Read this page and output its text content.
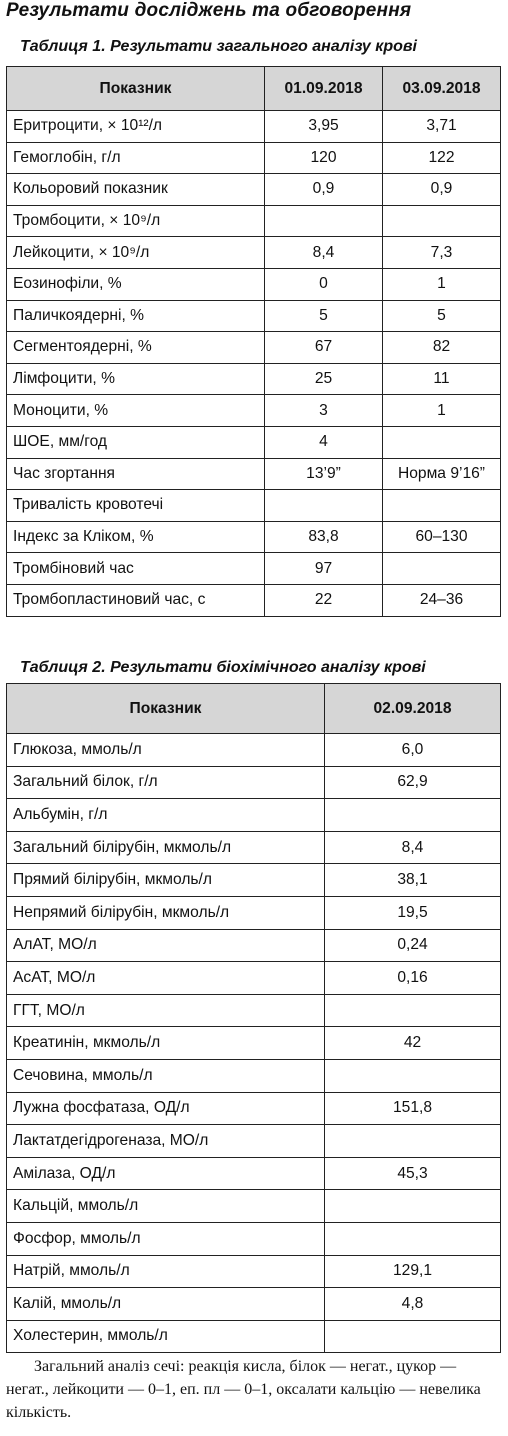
Результати досліджень та обговорення
Таблиця 1. Результати загального аналізу крові
Показник	01.09.2018	03.09.2018
Еритроцити, × 10¹²/л	3,95	3,71
Гемоглобін, г/л	120	122
Кольоровий показник	0,9	0,9
Тромбоцити, × 10⁹/л		
Лейкоцити, × 10⁹/л	8,4	7,3
Еозинофіли, %	0	1
Паличкоядерні, %	5	5
Сегментоядерні, %	67	82
Лімфоцити, %	25	11
Моноцити, %	3	1
ШОЕ, мм/год	4	
Час згортання	13’9”	Норма 9’16”
Тривалість кровотечі		
Індекс за Кліком, %	83,8	60–130
Тромбіновий час	97	
Тромбопластиновий час, с	22	24–36
Таблиця 2. Результати біохімічного аналізу крові
Показник	02.09.2018
Глюкоза, ммоль/л	6,0
Загальний білок, г/л	62,9
Альбумін, г/л	
Загальний білірубін, мкмоль/л	8,4
Прямий білірубін, мкмоль/л	38,1
Непрямий білірубін, мкмоль/л	19,5
АлАТ, МО/л	0,24
АсАТ, МО/л	0,16
ГГТ, МО/л	
Креатинін, мкмоль/л	42
Сечовина, ммоль/л	
Лужна фосфатаза, ОД/л	151,8
Лактатдегідрогеназа, МО/л	
Амілаза, ОД/л	45,3
Кальцій, ммоль/л	
Фосфор, ммоль/л	
Натрій, ммоль/л	129,1
Калій, ммоль/л	4,8
Холестерин, ммоль/л	
Загальний аналіз сечі: реакція кисла, білок — негат., цукор — негат., лейкоцити — 0–1, еп. пл — 0–1, оксалати кальцію — невелика кількість.
